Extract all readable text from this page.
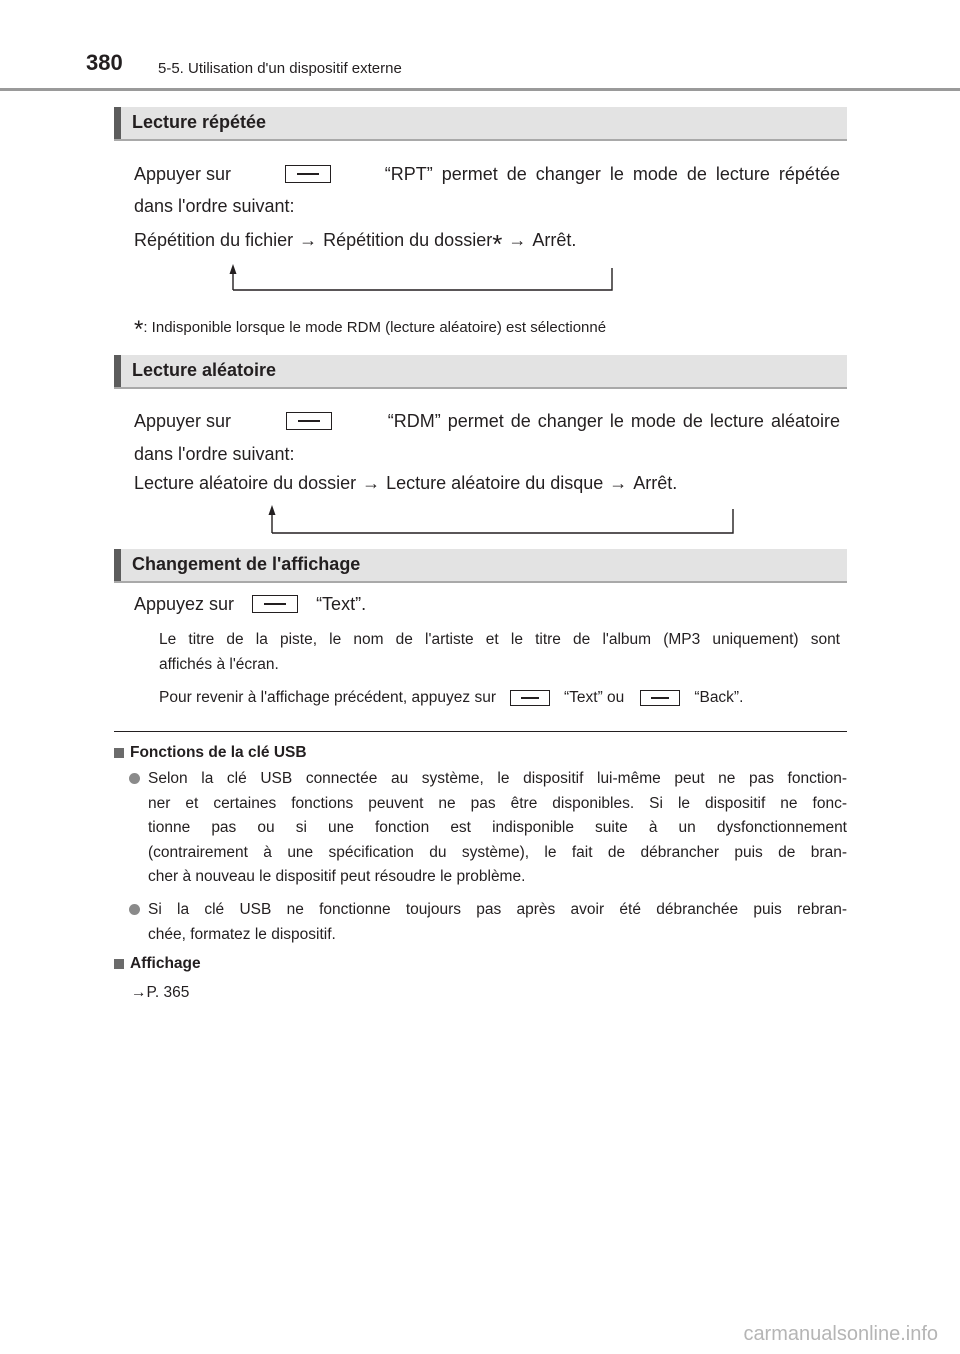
380 5-5. Utilisation d'un dispositif externe
Lecture répétée
Appuyer sur	“RPT” permet de changer le mode de lecture répétée
dans l'ordre suivant:
Répétition du fichier → Répétition du dossier * → Arrêt.
* : Indisponible lorsque le mode RDM (lecture aléatoire) est sélectionné
Lecture aléatoire
Appuyer sur	“RDM” permet de changer le mode de lecture aléatoire
dans l'ordre suivant:
Lecture aléatoire du dossier → Lecture aléatoire du disque → Arrêt.
Changement de l'affichage
Appuyez sur	“Text”.
Le titre de la piste, le nom de l'artiste et le titre de l'album (MP3 uniquement) sont
affichés à l'écran.
Pour revenir à l'affichage précédent, appuyez sur	“Text” ou	“Back”.
Fonctions de la clé USB
Selon la clé USB connectée au système, le dispositif lui-même peut ne pas fonction-
ner et certaines fonctions peuvent ne pas être disponibles. Si le dispositif ne fonc-
tionne pas ou si une fonction est indisponible suite à un dysfonctionnement
(contrairement à une spécification du système), le fait de débrancher puis de bran-
cher à nouveau le dispositif peut résoudre le problème.
Si la clé USB ne fonctionne toujours pas après avoir été débranchée puis rebran-
chée, formatez le dispositif.
Affichage
→ P. 365
carmanualsonline.info
